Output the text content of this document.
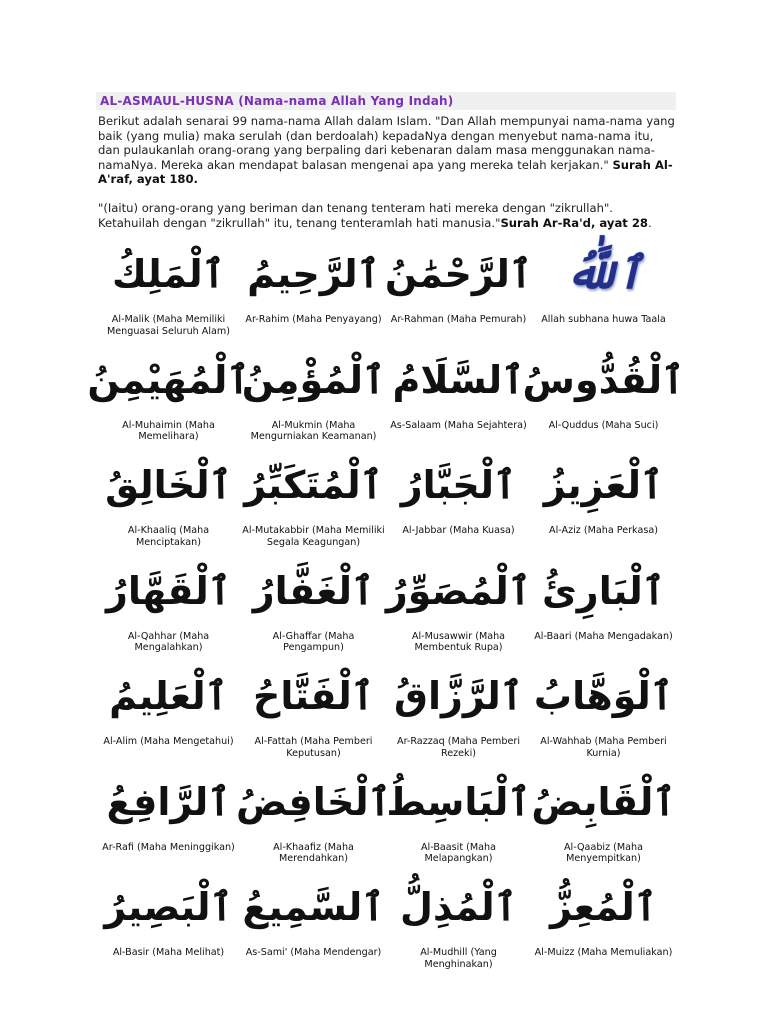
AL-ASMAUL-HUSNA (Nama-nama Allah Yang Indah)

Berikut adalah senarai 99 nama-nama Allah dalam Islam. "Dan Allah mempunyai nama-nama yang baik (yang mulia) maka serulah (dan berdoalah) kepadaNya dengan menyebut nama-nama itu, dan pulaukanlah orang-orang yang berpaling dari kebenaran dalam masa menggunakan nama-namaNya. Mereka akan mendapat balasan mengenai apa yang mereka telah kerjakan." Surah Al-A'raf, ayat 180.

"(Iaitu) orang-orang yang beriman dan tenang tenteram hati mereka dengan "zikrullah". Ketahuilah dengan "zikrullah" itu, tenang tenteramlah hati manusia."Surah Ar-Ra'd, ayat 28.

ٱلْمَلِكُ
Al-Malik (Maha Memiliki Menguasai Seluruh Alam)
ٱلرَّحِيمُ
Ar-Rahim (Maha Penyayang)
ٱلرَّحْمَٰنُ
Ar-Rahman (Maha Pemurah)
ٱللَّٰهُ
Allah subhana huwa Taala
ٱلْمُهَيْمِنُ
Al-Muhaimin (Maha Memelihara)
ٱلْمُؤْمِنُ
Al-Mukmin (Maha Mengurniakan Keamanan)
ٱلسَّلَامُ
As-Salaam (Maha Sejahtera)
ٱلْقُدُّوسُ
Al-Quddus (Maha Suci)
ٱلْخَالِقُ
Al-Khaaliq (Maha Menciptakan)
ٱلْمُتَكَبِّرُ
Al-Mutakabbir (Maha Memiliki Segala Keagungan)
ٱلْجَبَّارُ
Al-Jabbar (Maha Kuasa)
ٱلْعَزِيزُ
Al-Aziz (Maha Perkasa)
ٱلْقَهَّارُ
Al-Qahhar (Maha Mengalahkan)
ٱلْغَفَّارُ
Al-Ghaffar (Maha Pengampun)
ٱلْمُصَوِّرُ
Al-Musawwir (Maha Membentuk Rupa)
ٱلْبَارِئُ
Al-Baari (Maha Mengadakan)
ٱلْعَلِيمُ
Al-Alim (Maha Mengetahui)
ٱلْفَتَّاحُ
Al-Fattah (Maha Pemberi Keputusan)
ٱلرَّزَّاقُ
Ar-Razzaq (Maha Pemberi Rezeki)
ٱلْوَهَّابُ
Al-Wahhab (Maha Pemberi Kurnia)
ٱلرَّافِعُ
Ar-Rafi (Maha Meninggikan)
ٱلْخَافِضُ
Al-Khaafiz (Maha Merendahkan)
ٱلْبَاسِطُ
Al-Baasit (Maha Melapangkan)
ٱلْقَابِضُ
Al-Qaabiz (Maha Menyempitkan)
ٱلْبَصِيرُ
Al-Basir (Maha Melihat)
ٱلسَّمِيعُ
As-Sami' (Maha Mendengar)
ٱلْمُذِلُّ
Al-Mudhill (Yang Menghinakan)
ٱلْمُعِزُّ
Al-Muizz (Maha Memuliakan)
